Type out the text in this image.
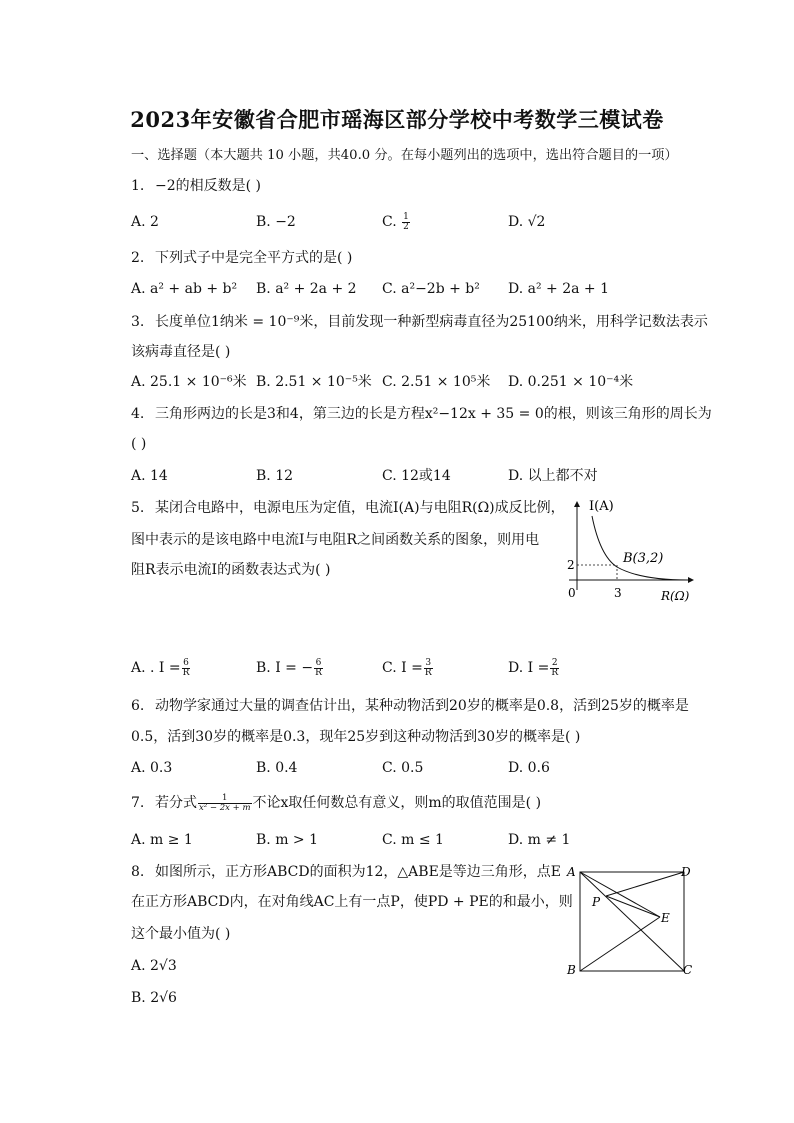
2023年安徽省合肥市瑶海区部分学校中考数学三模试卷
一、选择题（本大题共 10 小题，共40.0 分。在每小题列出的选项中，选出符合题目的一项）
1. −2的相反数是( )
A. 2	B. −2	C. $\frac{1}{2}$	D. √2
2. 下列式子中是完全平方式的是( )
A. a² + ab + b² B. a² + 2a + 2 C. a²−2b + b² D. a² + 2a + 1
3. 长度单位1纳米 = 10⁻⁹米，目前发现一种新型病毒直径为25100纳米，用科学记数法表示
该病毒直径是( )
A. 25.1 × 10⁻⁶米 B. 2.51 × 10⁻⁵米 C. 2.51 × 10⁵米 D. 0.251 × 10⁻⁴米
4. 三角形两边的长是3和4，第三边的长是方程x²−12x + 35 = 0的根，则该三角形的周长为
( )
A. 14	B. 12	C. 12或14	D. 以上都不对
5. 某闭合电路中，电源电压为定值，电流I(A)与电阻R(Ω)成反比例，
图中表示的是该电路中电流I与电阻R之间函数关系的图象，则用电
阻R表示电流I的函数表达式为( )
I(A)
R(Ω)
B(3,2)
2
3
0
A. . $I = \frac{6}{R}$	B. I = − $\frac{6}{R}$	C. $I = \frac{3}{R}$	D. $I = \frac{2}{R}$
6. 动物学家通过大量的调查估计出，某种动物活到20岁的概率是0.8，活到25岁的概率是
0.5，活到30岁的概率是0.3，现年25岁到这种动物活到30岁的概率是( )
A. 0.3	B. 0.4	C. 0.5	D. 0.6
7. 若分式 $\frac{1}{\text{x² − 2x + m}}$ 不论x取任何数总有意义，则m的取值范围是( )
A. m ≥ 1	B. m > 1	C. m ≤ 1	D. m ≠ 1
8. 如图所示，正方形ABCD的面积为12，△ABE是等边三角形，点E
在正方形ABCD内，在对角线AC上有一点P，使PD + PE的和最小，则
这个最小值为( )
A. 2√3
B. 2√6
A
B	C
D
P
E
